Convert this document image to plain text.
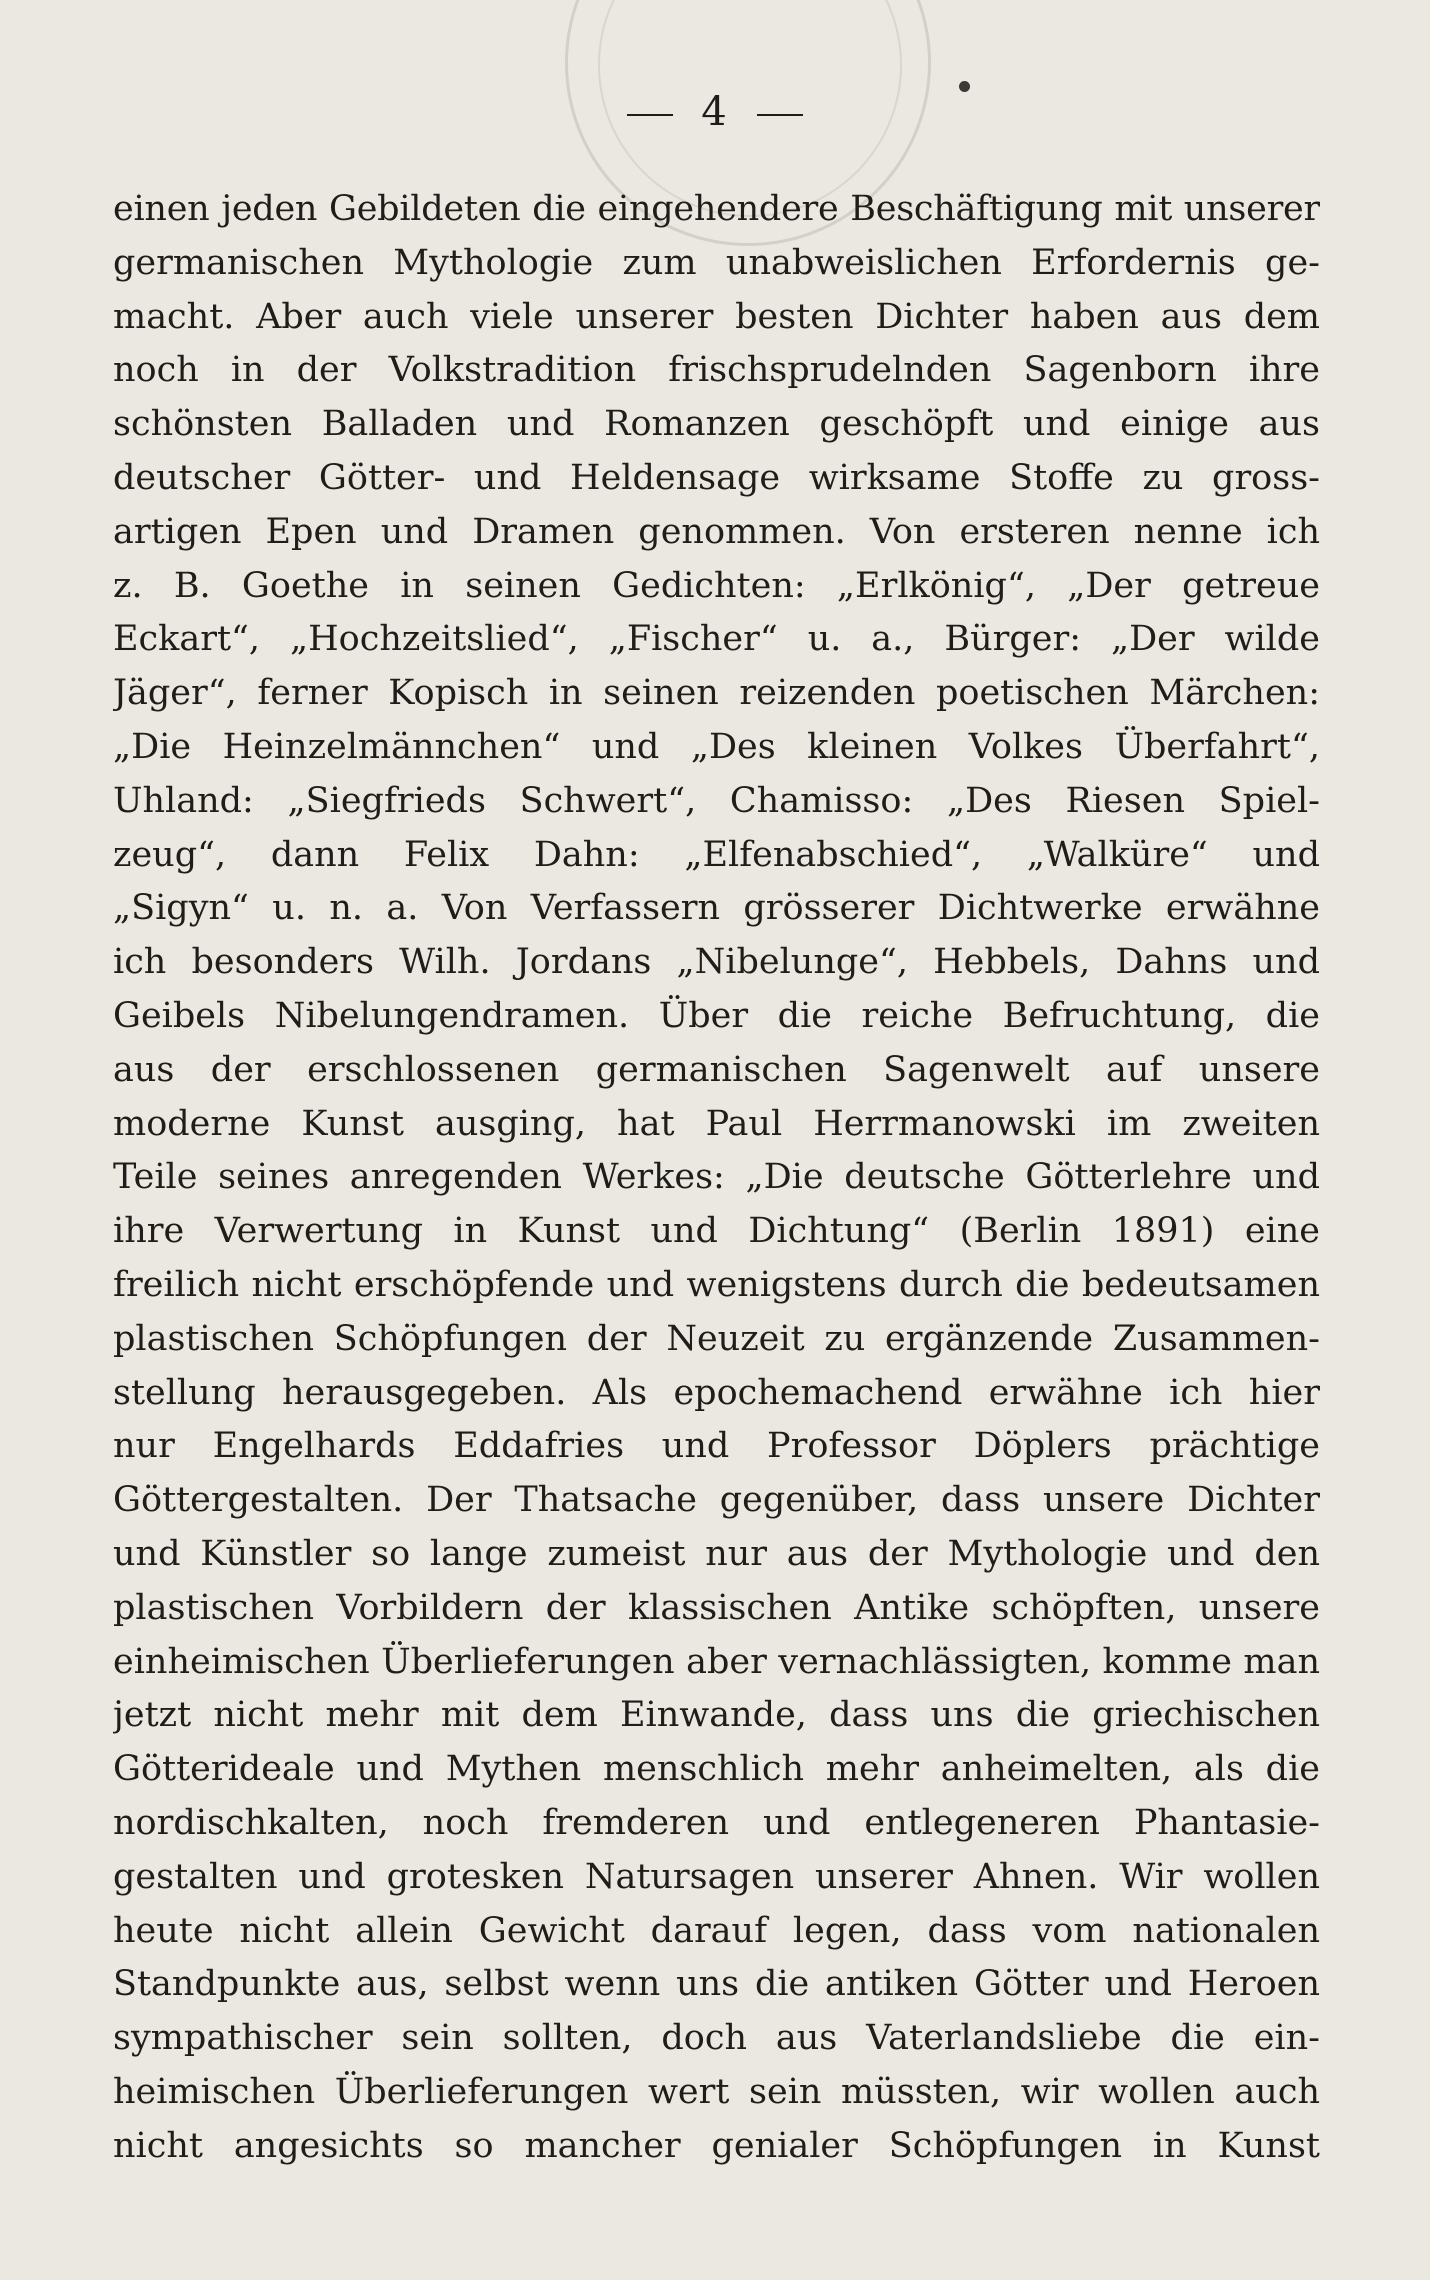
4
einen jeden Gebildeten die eingehendere Beschäftigung mit unserer
germanischen Mythologie zum unabweislichen Erfordernis ge-
macht. Aber auch viele unserer besten Dichter haben aus dem
noch in der Volkstradition frischsprudelnden Sagenborn ihre
schönsten Balladen und Romanzen geschöpft und einige aus
deutscher Götter- und Heldensage wirksame Stoffe zu gross-
artigen Epen und Dramen genommen. Von ersteren nenne ich
z. B. Goethe in seinen Gedichten: „Erlkönig“, „Der getreue
Eckart“, „Hochzeitslied“, „Fischer“ u. a., Bürger: „Der wilde
Jäger“, ferner Kopisch in seinen reizenden poetischen Märchen:
„Die Heinzelmännchen“ und „Des kleinen Volkes Überfahrt“,
Uhland: „Siegfrieds Schwert“, Chamisso: „Des Riesen Spiel-
zeug“, dann Felix Dahn: „Elfenabschied“, „Walküre“ und
„Sigyn“ u. n. a. Von Verfassern grösserer Dichtwerke erwähne
ich besonders Wilh. Jordans „Nibelunge“, Hebbels, Dahns und
Geibels Nibelungendramen. Über die reiche Befruchtung, die
aus der erschlossenen germanischen Sagenwelt auf unsere
moderne Kunst ausging, hat Paul Herrmanowski im zweiten
Teile seines anregenden Werkes: „Die deutsche Götterlehre und
ihre Verwertung in Kunst und Dichtung“ (Berlin 1891) eine
freilich nicht erschöpfende und wenigstens durch die bedeutsamen
plastischen Schöpfungen der Neuzeit zu ergänzende Zusammen-
stellung herausgegeben. Als epochemachend erwähne ich hier
nur Engelhards Eddafries und Professor Döplers prächtige
Göttergestalten. Der Thatsache gegenüber, dass unsere Dichter
und Künstler so lange zumeist nur aus der Mythologie und den
plastischen Vorbildern der klassischen Antike schöpften, unsere
einheimischen Überlieferungen aber vernachlässigten, komme man
jetzt nicht mehr mit dem Einwande, dass uns die griechischen
Götterideale und Mythen menschlich mehr anheimelten, als die
nordischkalten, noch fremderen und entlegeneren Phantasie-
gestalten und grotesken Natursagen unserer Ahnen. Wir wollen
heute nicht allein Gewicht darauf legen, dass vom nationalen
Standpunkte aus, selbst wenn uns die antiken Götter und Heroen
sympathischer sein sollten, doch aus Vaterlandsliebe die ein-
heimischen Überlieferungen wert sein müssten, wir wollen auch
nicht angesichts so mancher genialer Schöpfungen in Kunst
